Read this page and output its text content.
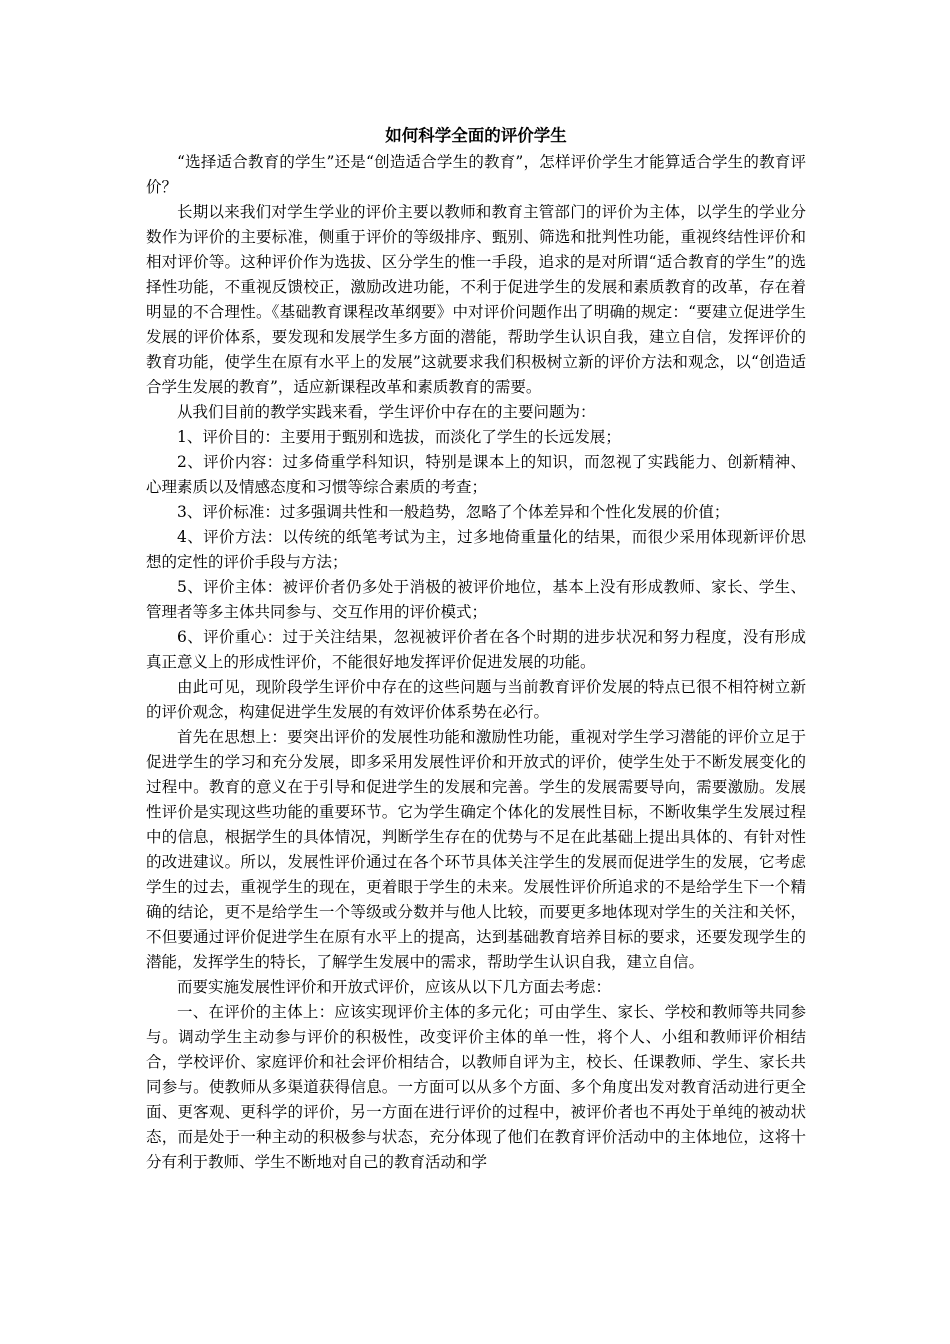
如何科学全面的评价学生

“选择适合教育的学生”还是“创造适合学生的教育”，怎样评价学生才能算适合学生的教育评价？

长期以来我们对学生学业的评价主要以教师和教育主管部门的评价为主体，以学生的学业分数作为评价的主要标准，侧重于评价的等级排序、甄别、筛选和批判性功能，重视终结性评价和相对评价等。这种评价作为选拔、区分学生的惟一手段，追求的是对所谓“适合教育的学生”的选择性功能，不重视反馈校正，激励改进功能，不利于促进学生的发展和素质教育的改革，存在着明显的不合理性。《基础教育课程改革纲要》中对评价问题作出了明确的规定：“要建立促进学生发展的评价体系，要发现和发展学生多方面的潜能，帮助学生认识自我，建立自信，发挥评价的教育功能，使学生在原有水平上的发展”这就要求我们积极树立新的评价方法和观念，以“创造适合学生发展的教育”，适应新课程改革和素质教育的需要。

从我们目前的教学实践来看，学生评价中存在的主要问题为：

1、评价目的：主要用于甄别和选拔，而淡化了学生的长远发展；

2、评价内容：过多倚重学科知识，特别是课本上的知识，而忽视了实践能力、创新精神、心理素质以及情感态度和习惯等综合素质的考查；

3、评价标准：过多强调共性和一般趋势，忽略了个体差异和个性化发展的价值；

4、评价方法：以传统的纸笔考试为主，过多地倚重量化的结果，而很少采用体现新评价思想的定性的评价手段与方法；

5、评价主体：被评价者仍多处于消极的被评价地位，基本上没有形成教师、家长、学生、管理者等多主体共同参与、交互作用的评价模式；

6、评价重心：过于关注结果，忽视被评价者在各个时期的进步状况和努力程度，没有形成真正意义上的形成性评价，不能很好地发挥评价促进发展的功能。

由此可见，现阶段学生评价中存在的这些问题与当前教育评价发展的特点已很不相符树立新的评价观念，构建促进学生发展的有效评价体系势在必行。

首先在思想上：要突出评价的发展性功能和激励性功能，重视对学生学习潜能的评价立足于促进学生的学习和充分发展，即多采用发展性评价和开放式的评价，使学生处于不断发展变化的过程中。教育的意义在于引导和促进学生的发展和完善。学生的发展需要导向，需要激励。发展性评价是实现这些功能的重要环节。它为学生确定个体化的发展性目标，不断收集学生发展过程中的信息，根据学生的具体情况，判断学生存在的优势与不足在此基础上提出具体的、有针对性的改进建议。所以，发展性评价通过在各个环节具体关注学生的发展而促进学生的发展，它考虑学生的过去，重视学生的现在，更着眼于学生的未来。发展性评价所追求的不是给学生下一个精确的结论，更不是给学生一个等级或分数并与他人比较，而要更多地体现对学生的关注和关怀，不但要通过评价促进学生在原有水平上的提高，达到基础教育培养目标的要求，还要发现学生的潜能，发挥学生的特长，了解学生发展中的需求，帮助学生认识自我，建立自信。

而要实施发展性评价和开放式评价，应该从以下几方面去考虑：

一、在评价的主体上：应该实现评价主体的多元化；可由学生、家长、学校和教师等共同参与。调动学生主动参与评价的积极性，改变评价主体的单一性，将个人、小组和教师评价相结合，学校评价、家庭评价和社会评价相结合，以教师自评为主，校长、任课教师、学生、家长共同参与。使教师从多渠道获得信息。一方面可以从多个方面、多个角度出发对教育活动进行更全面、更客观、更科学的评价，另一方面在进行评价的过程中，被评价者也不再处于单纯的被动状态，而是处于一种主动的积极参与状态，充分体现了他们在教育评价活动中的主体地位，这将十分有利于教师、学生不断地对自己的教育活动和学
